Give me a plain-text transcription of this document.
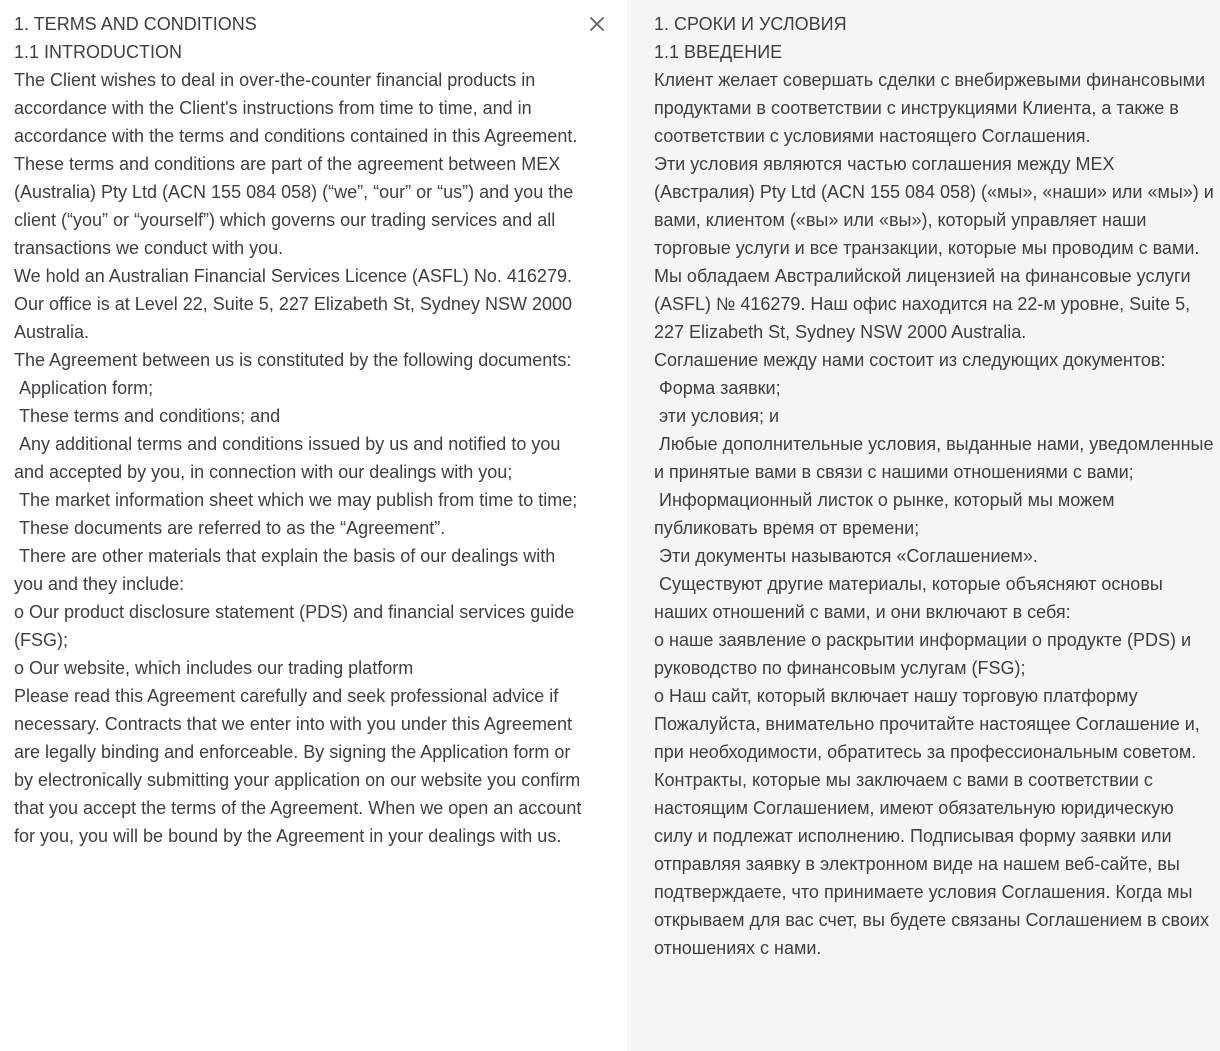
1. TERMS AND CONDITIONS
1.1 INTRODUCTION
The Client wishes to deal in over-the-counter financial products in accordance with the Client's instructions from time to time, and in accordance with the terms and conditions contained in this Agreement.
These terms and conditions are part of the agreement between MEX (Australia) Pty Ltd (ACN 155 084 058) (“we”, “our” or “us”) and you the client (“you” or “yourself”) which governs our trading services and all transactions we conduct with you.
We hold an Australian Financial Services Licence (ASFL) No. 416279. Our office is at Level 22, Suite 5, 227 Elizabeth St, Sydney NSW 2000 Australia.
The Agreement between us is constituted by the following documents:
Application form;
These terms and conditions; and
Any additional terms and conditions issued by us and notified to you and accepted by you, in connection with our dealings with you;
The market information sheet which we may publish from time to time;
These documents are referred to as the “Agreement”.
There are other materials that explain the basis of our dealings with you and they include:
o Our product disclosure statement (PDS) and financial services guide (FSG);
o Our website, which includes our trading platform
Please read this Agreement carefully and seek professional advice if necessary. Contracts that we enter into with you under this Agreement are legally binding and enforceable. By signing the Application form or by electronically submitting your application on our website you confirm that you accept the terms of the Agreement. When we open an account for you, you will be bound by the Agreement in your dealings with us.
1. СРОКИ И УСЛОВИЯ
1.1 ВВЕДЕНИЕ
Клиент желает совершать сделки с внебиржевыми финансовыми продуктами в соответствии с инструкциями Клиента, а также в соответствии с условиями настоящего Соглашения.
Эти условия являются частью соглашения между MEX (Австралия) Pty Ltd (ACN 155 084 058) («мы», «наши» или «мы») и вами, клиентом («вы» или «вы»), который управляет наши торговые услуги и все транзакции, которые мы проводим с вами.
Мы обладаем Австралийской лицензией на финансовые услуги (ASFL) № 416279. Наш офис находится на 22-м уровне, Suite 5, 227 Elizabeth St, Sydney NSW 2000 Australia.
Соглашение между нами состоит из следующих документов:
Форма заявки;
эти условия; и
Любые дополнительные условия, выданные нами, уведомленные и принятые вами в связи с нашими отношениями с вами;
Информационный листок о рынке, который мы можем публиковать время от времени;
Эти документы называются «Соглашением».
Существуют другие материалы, которые объясняют основы наших отношений с вами, и они включают в себя:
o наше заявление о раскрытии информации о продукте (PDS) и руководство по финансовым услугам (FSG);
o Наш сайт, который включает нашу торговую платформу
Пожалуйста, внимательно прочитайте настоящее Соглашение и, при необходимости, обратитесь за профессиональным советом. Контракты, которые мы заключаем с вами в соответствии с настоящим Соглашением, имеют обязательную юридическую силу и подлежат исполнению. Подписывая форму заявки или отправляя заявку в электронном виде на нашем веб-сайте, вы подтверждаете, что принимаете условия Соглашения. Когда мы открываем для вас счет, вы будете связаны Соглашением в своих отношениях с нами.
